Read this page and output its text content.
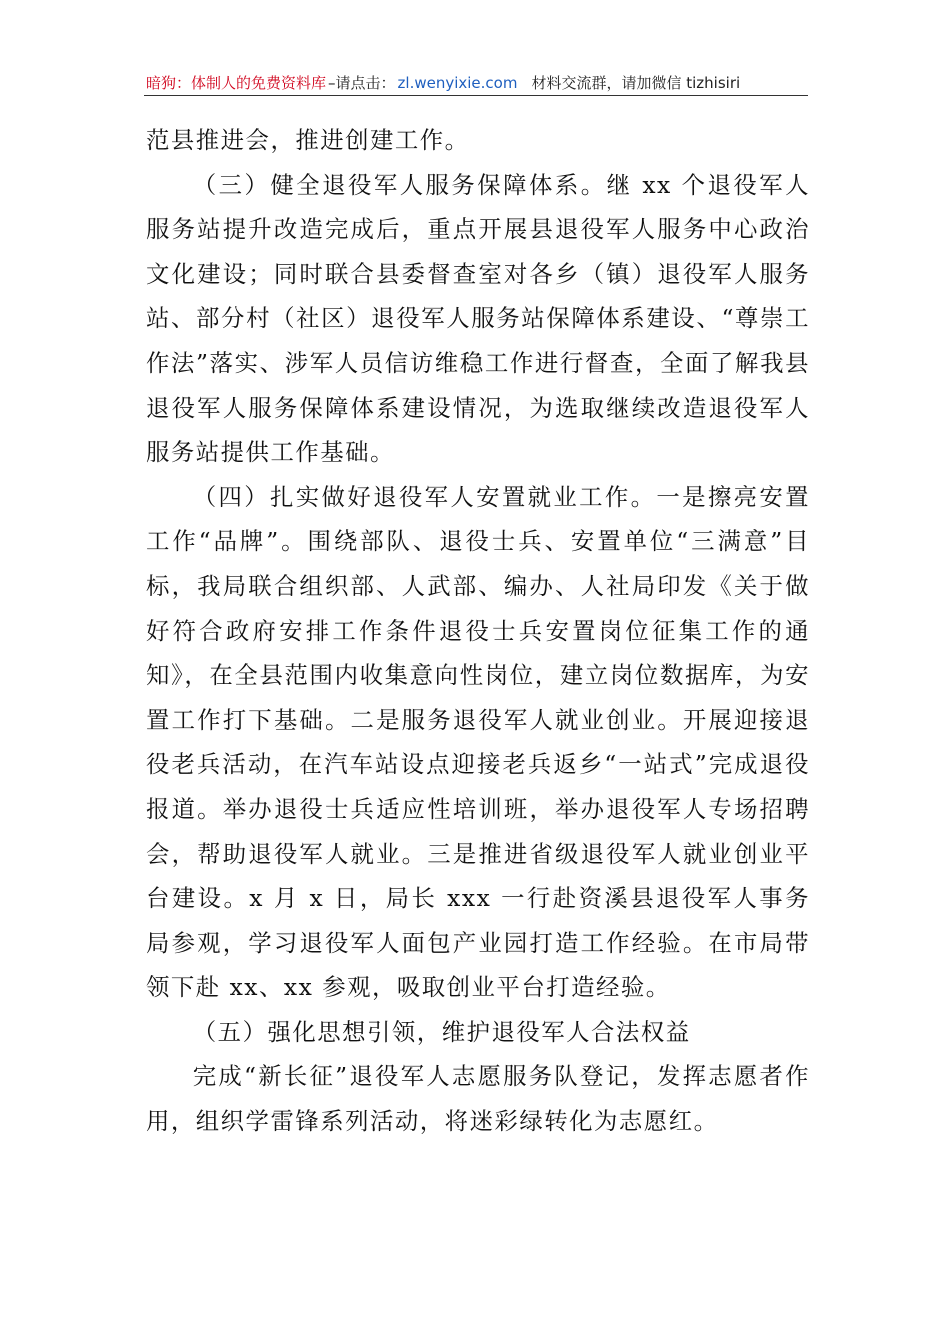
暗狗：体制人的免费资料库 –请点击： zl.wenyixie.com 材料交流群，请加微信 tizhisiri

范县推进会，推进创建工作。

（三）健全退役军人服务保障体系。继 xx 个退役军人服务站提升改造完成后，重点开展县退役军人服务中心政治文化建设；同时联合县委督查室对各乡（镇）退役军人服务站、部分村（社区）退役军人服务站保障体系建设、“尊崇工作法”落实、涉军人员信访维稳工作进行督查，全面了解我县退役军人服务保障体系建设情况，为选取继续改造退役军人服务站提供工作基础。

（四）扎实做好退役军人安置就业工作。一是擦亮安置工作“品牌”。围绕部队、退役士兵、安置单位“三满意”目标，我局联合组织部、人武部、编办、人社局印发《关于做好符合政府安排工作条件退役士兵安置岗位征集工作的通知》，在全县范围内收集意向性岗位，建立岗位数据库，为安置工作打下基础。二是服务退役军人就业创业。开展迎接退役老兵活动，在汽车站设点迎接老兵返乡“一站式”完成退役报道。举办退役士兵适应性培训班，举办退役军人专场招聘会，帮助退役军人就业。三是推进省级退役军人就业创业平台建设。x 月 x 日，局长 xxx 一行赴资溪县退役军人事务局参观，学习退役军人面包产业园打造工作经验。在市局带领下赴 xx、xx 参观，吸取创业平台打造经验。

（五）强化思想引领，维护退役军人合法权益

完成“新长征”退役军人志愿服务队登记，发挥志愿者作用，组织学雷锋系列活动，将迷彩绿转化为志愿红。
